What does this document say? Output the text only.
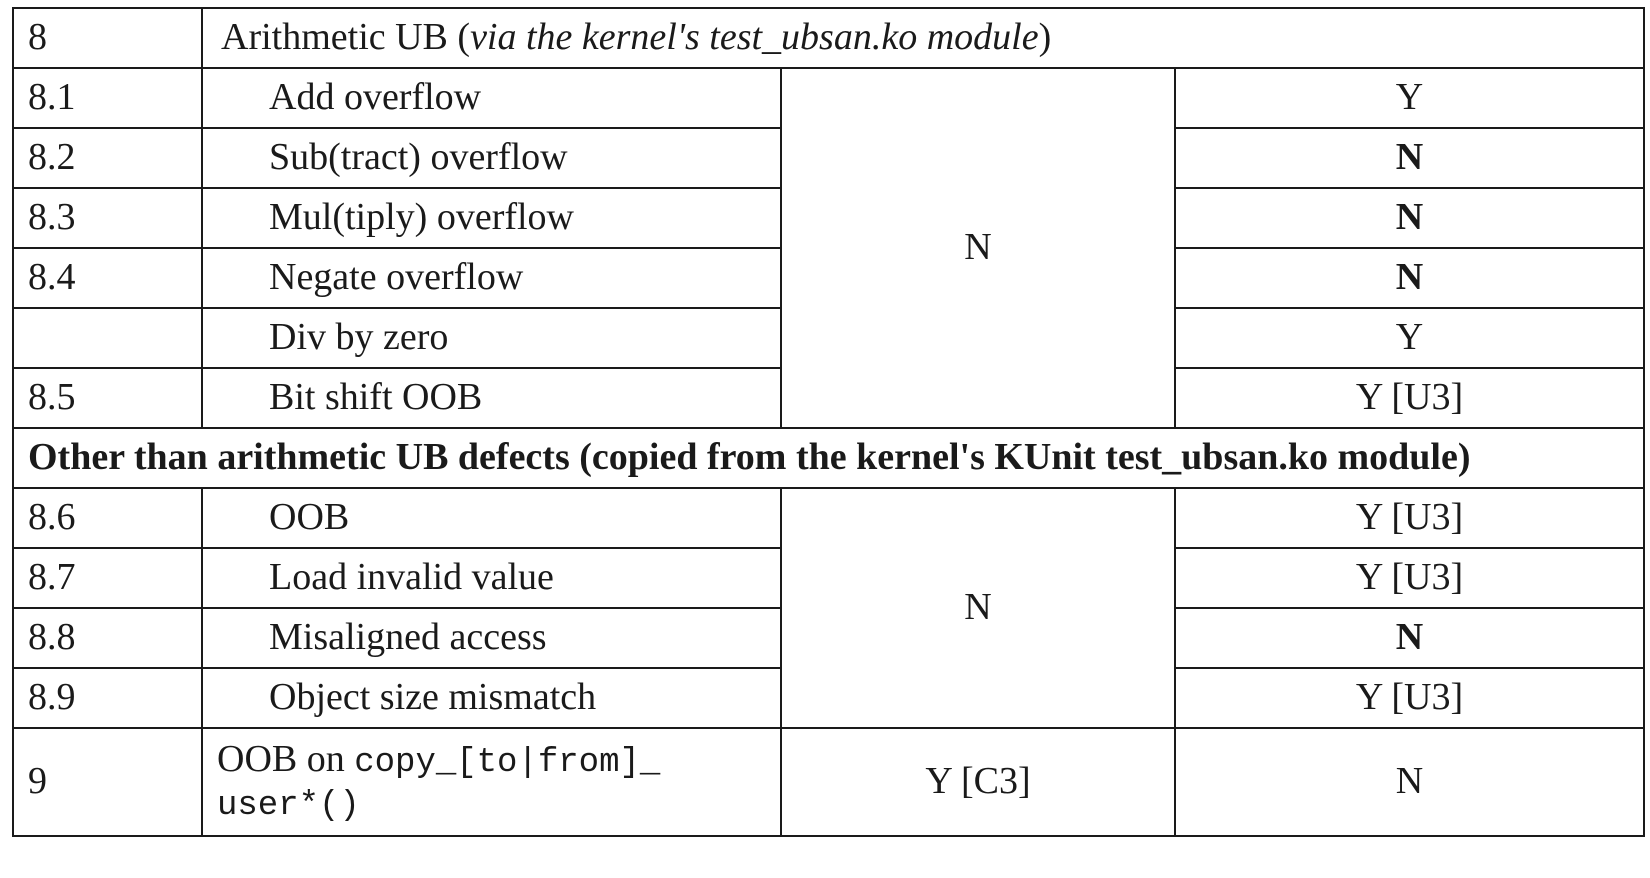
8	Arithmetic UB (via the kernel's test_ubsan.ko module)		
8.1	Add overflow	N	Y
8.2	Sub(tract) overflow		N
8.3	Mul(tiply) overflow		N
8.4	Negate overflow		N
	Div by zero		Y
8.5	Bit shift OOB		Y [U3]
Other than arithmetic UB defects (copied from the kernel's KUnit test_ubsan.ko module)			
8.6	OOB	N	Y [U3]
8.7	Load invalid value		Y [U3]
8.8	Misaligned access		N
8.9	Object size mismatch		Y [U3]
9	OOB on copy_[to|from]_ user*()	Y [C3]	N
